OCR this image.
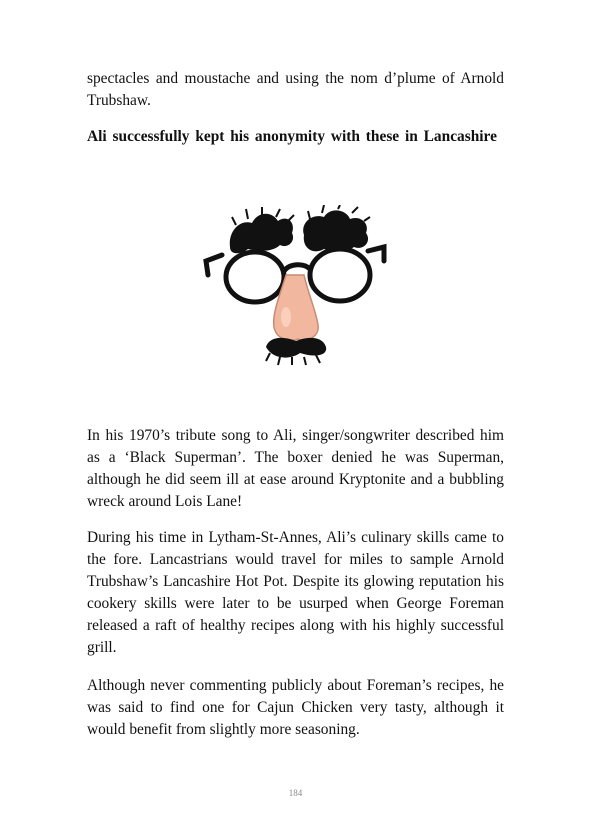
spectacles and moustache and using the nom d’plume of Arnold Trubshaw.

Ali successfully kept his anonymity with these in Lancashire

In his 1970’s tribute song to Ali, singer/songwriter described him as a ‘Black Superman’. The boxer denied he was Superman, although he did seem ill at ease around Kryptonite and a bubbling wreck around Lois Lane!

During his time in Lytham-St-Annes, Ali’s culinary skills came to the fore. Lancastrians would travel for miles to sample Arnold Trubshaw’s Lancashire Hot Pot. Despite its glowing reputation his cookery skills were later to be usurped when George Foreman released a raft of healthy recipes along with his highly successful grill.

Although never commenting publicly about Foreman’s recipes, he was said to find one for Cajun Chicken very tasty, although it would benefit from slightly more seasoning.

184
